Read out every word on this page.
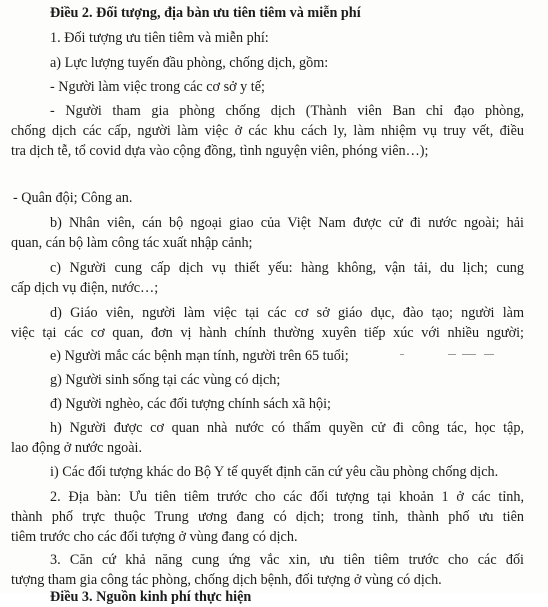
Điều 2. Đối tượng, địa bàn ưu tiên tiêm và miễn phí

1. Đối tượng ưu tiên tiêm và miễn phí:

a) Lực lượng tuyến đầu phòng, chống dịch, gồm:

- Người làm việc trong các cơ sở y tế;

- Người tham gia phòng chống dịch (Thành viên Ban chỉ đạo phòng,

chống dịch các cấp, người làm việc ở các khu cách ly, làm nhiệm vụ truy vết, điều

tra dịch tễ, tổ covid dựa vào cộng đồng, tình nguyện viên, phóng viên…);

- Quân đội; Công an.

b) Nhân viên, cán bộ ngoại giao của Việt Nam được cử đi nước ngoài; hải

quan, cán bộ làm công tác xuất nhập cảnh;

c) Người cung cấp dịch vụ thiết yếu: hàng không, vận tải, du lịch; cung

cấp dịch vụ điện, nước…;

d) Giáo viên, người làm việc tại các cơ sở giáo dục, đào tạo; người làm

việc tại các cơ quan, đơn vị hành chính thường xuyên tiếp xúc với nhiều người;

e) Người mắc các bệnh mạn tính, người trên 65 tuổi;

g) Người sinh sống tại các vùng có dịch;

đ) Người nghèo, các đối tượng chính sách xã hội;

h) Người được cơ quan nhà nước có thẩm quyền cử đi công tác, học tập,

lao động ở nước ngoài.

i) Các đối tượng khác do Bộ Y tế quyết định căn cứ yêu cầu phòng chống dịch.

2. Địa bàn: Ưu tiên tiêm trước cho các đối tượng tại khoản 1 ở các tỉnh,

thành phố trực thuộc Trung ương đang có dịch; trong tỉnh, thành phố ưu tiên

tiêm trước cho các đối tượng ở vùng đang có dịch.

3. Căn cứ khả năng cung ứng vắc xin, ưu tiên tiêm trước cho các đối

tượng tham gia công tác phòng, chống dịch bệnh, đối tượng ở vùng có dịch.

Điều 3. Nguồn kinh phí thực hiện
